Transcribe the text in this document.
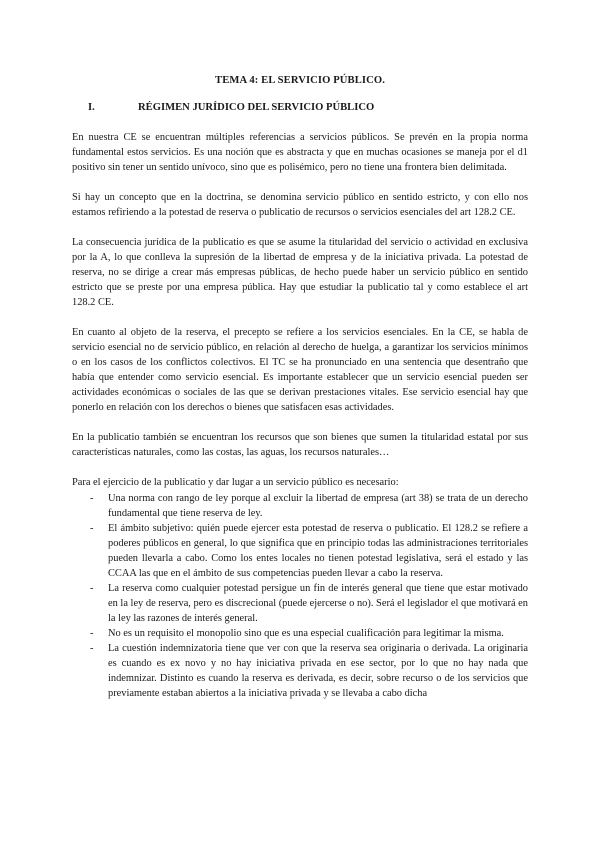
TEMA 4: EL SERVICIO PÚBLICO.
I.	RÉGIMEN JURÍDICO DEL SERVICIO PÚBLICO

En nuestra CE se encuentran múltiples referencias a servicios públicos. Se prevén en la propia norma fundamental estos servicios. Es una noción que es abstracta y que en muchas ocasiones se maneja por el d1 positivo sin tener un sentido unívoco, sino que es polisémico, pero no tiene una frontera bien delimitada.

Si hay un concepto que en la doctrina, se denomina servicio público en sentido estricto, y con ello nos estamos refiriendo a la potestad de reserva o publicatio de recursos o servicios esenciales del art 128.2 CE.

La consecuencia jurídica de la publicatio es que se asume la titularidad del servicio o actividad en exclusiva por la A, lo que conlleva la supresión de la libertad de empresa y de la iniciativa privada. La potestad de reserva, no se dirige a crear más empresas públicas, de hecho puede haber un servicio público en sentido estricto que se preste por una empresa pública. Hay que estudiar la publicatio tal y como establece el art 128.2 CE.

En cuanto al objeto de la reserva, el precepto se refiere a los servicios esenciales. En la CE, se habla de servicio esencial no de servicio público, en relación al derecho de huelga, a garantizar los servicios mínimos o en los casos de los conflictos colectivos. El TC se ha pronunciado en una sentencia que desentraño que había que entender como servicio esencial. Es importante establecer que un servicio esencial pueden ser actividades económicas o sociales de las que se derivan prestaciones vitales. Ese servicio esencial hay que ponerlo en relación con los derechos o bienes que satisfacen esas actividades.

En la publicatio también se encuentran los recursos que son bienes que sumen la titularidad estatal por sus características naturales, como las costas, las aguas, los recursos naturales…

Para el ejercicio de la publicatio y dar lugar a un servicio público es necesario:

- Una norma con rango de ley porque al excluir la libertad de empresa (art 38) se trata de un derecho fundamental que tiene reserva de ley.
- El ámbito subjetivo: quién puede ejercer esta potestad de reserva o publicatio. El 128.2 se refiere a poderes públicos en general, lo que significa que en principio todas las administraciones territoriales pueden llevarla a cabo. Como los entes locales no tienen potestad legislativa, será el estado y las CCAA las que en el ámbito de sus competencias pueden llevar a cabo la reserva.
- La reserva como cualquier potestad persigue un fin de interés general que tiene que estar motivado en la ley de reserva, pero es discrecional (puede ejercerse o no). Será el legislador el que motivará en la ley las razones de interés general.
- No es un requisito el monopolio sino que es una especial cualificación para legitimar la misma.
- La cuestión indemnizatoria tiene que ver con que la reserva sea originaria o derivada. La originaria es cuando es ex novo y no hay iniciativa privada en ese sector, por lo que no hay nada que indemnizar. Distinto es cuando la reserva es derivada, es decir, sobre recurso o de los servicios que previamente estaban abiertos a la iniciativa privada y se llevaba a cabo dicha
